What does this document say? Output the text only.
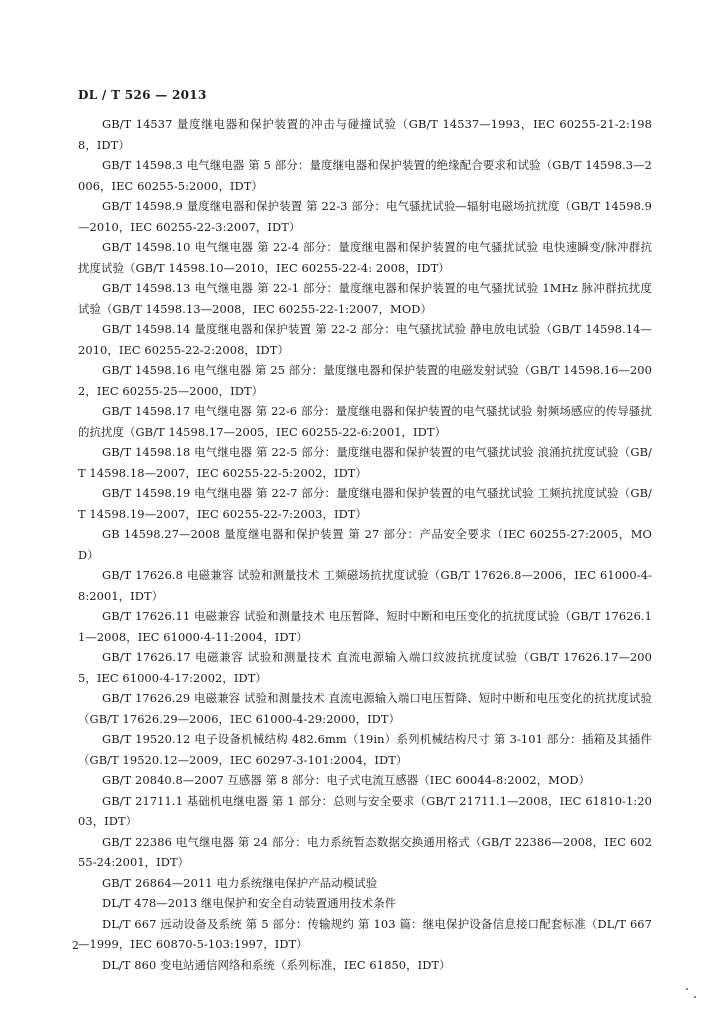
DL / T 526 — 2013

GB/T 14537 量度继电器和保护装置的冲击与碰撞试验（GB/T 14537—1993，IEC 60255-21-2:1988，IDT）

GB/T 14598.3 电气继电器 第 5 部分：量度继电器和保护装置的绝缘配合要求和试验（GB/T 14598.3—2006，IEC 60255-5:2000，IDT）

GB/T 14598.9 量度继电器和保护装置 第 22-3 部分：电气骚扰试验—辐射电磁场抗扰度（GB/T 14598.9—2010，IEC 60255-22-3:2007，IDT）

GB/T 14598.10 电气继电器 第 22-4 部分：量度继电器和保护装置的电气骚扰试验 电快速瞬变/脉冲群抗扰度试验（GB/T 14598.10—2010，IEC 60255-22-4: 2008，IDT）

GB/T 14598.13 电气继电器 第 22-1 部分：量度继电器和保护装置的电气骚扰试验 1MHz 脉冲群抗扰度试验（GB/T 14598.13—2008，IEC 60255-22-1:2007，MOD）

GB/T 14598.14 量度继电器和保护装置 第 22-2 部分：电气骚扰试验 静电放电试验（GB/T 14598.14—2010，IEC 60255-22-2:2008，IDT）

GB/T 14598.16 电气继电器 第 25 部分：量度继电器和保护装置的电磁发射试验（GB/T 14598.16—2002，IEC 60255-25—2000，IDT）

GB/T 14598.17 电气继电器 第 22-6 部分：量度继电器和保护装置的电气骚扰试验 射频场感应的传导骚扰的抗扰度（GB/T 14598.17—2005，IEC 60255-22-6:2001，IDT）

GB/T 14598.18 电气继电器 第 22-5 部分：量度继电器和保护装置的电气骚扰试验 浪涌抗扰度试验（GB/T 14598.18—2007，IEC 60255-22-5:2002，IDT）

GB/T 14598.19 电气继电器 第 22-7 部分：量度继电器和保护装置的电气骚扰试验 工频抗扰度试验（GB/T 14598.19—2007，IEC 60255-22-7:2003，IDT）

GB 14598.27—2008 量度继电器和保护装置 第 27 部分：产品安全要求（IEC 60255-27:2005，MOD）

GB/T 17626.8 电磁兼容 试验和测量技术 工频磁场抗扰度试验（GB/T 17626.8—2006，IEC 61000-4-8:2001，IDT）

GB/T 17626.11 电磁兼容 试验和测量技术 电压暂降、短时中断和电压变化的抗扰度试验（GB/T 17626.11—2008，IEC 61000-4-11:2004，IDT）

GB/T 17626.17 电磁兼容 试验和测量技术 直流电源输入端口纹波抗扰度试验（GB/T 17626.17—2005，IEC 61000-4-17:2002，IDT）

GB/T 17626.29 电磁兼容 试验和测量技术 直流电源输入端口电压暂降、短时中断和电压变化的抗扰度试验（GB/T 17626.29—2006，IEC 61000-4-29:2000，IDT）

GB/T 19520.12 电子设备机械结构 482.6mm（19in）系列机械结构尺寸 第 3-101 部分：插箱及其插件（GB/T 19520.12—2009，IEC 60297-3-101:2004，IDT）

GB/T 20840.8—2007 互感器 第 8 部分：电子式电流互感器（IEC 60044-8:2002，MOD）

GB/T 21711.1 基础机电继电器 第 1 部分：总则与安全要求（GB/T 21711.1—2008，IEC 61810-1:2003，IDT）

GB/T 22386 电气继电器 第 24 部分：电力系统暂态数据交换通用格式（GB/T 22386—2008，IEC 60255-24:2001，IDT）

GB/T 26864—2011 电力系统继电保护产品动模试验

DL/T 478—2013 继电保护和安全自动装置通用技术条件

DL/T 667 远动设备及系统 第 5 部分：传输规约 第 103 篇：继电保护设备信息接口配套标准（DL/T 667—1999，IEC 60870-5-103:1997，IDT）

DL/T 860 变电站通信网络和系统（系列标准，IEC 61850，IDT）

2
